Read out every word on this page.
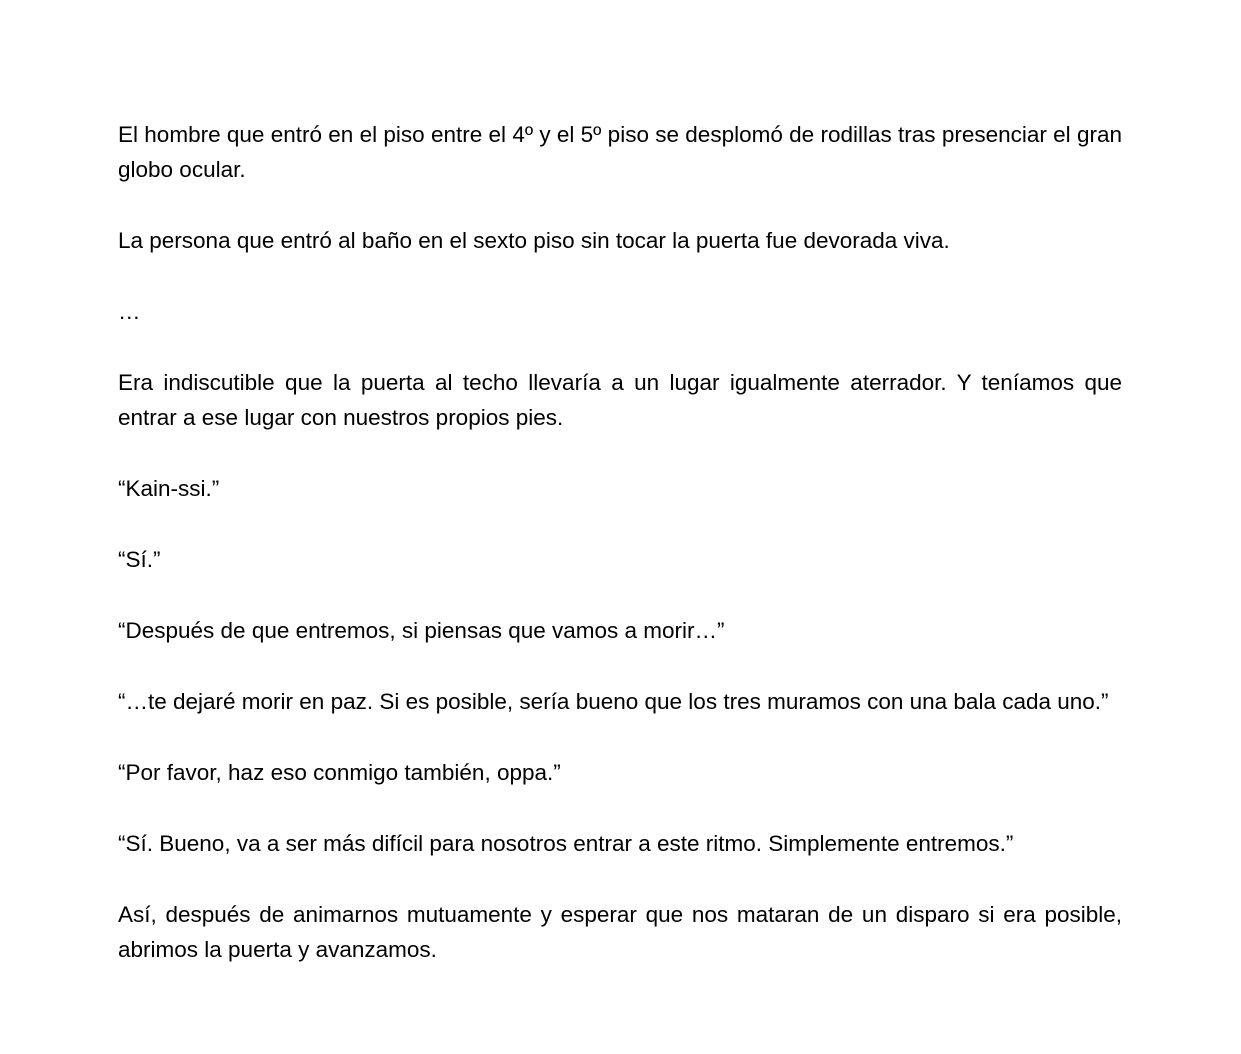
El hombre que entró en el piso entre el 4º y el 5º piso se desplomó de rodillas tras presenciar el gran globo ocular.

La persona que entró al baño en el sexto piso sin tocar la puerta fue devorada viva.

…

Era indiscutible que la puerta al techo llevaría a un lugar igualmente aterrador. Y teníamos que entrar a ese lugar con nuestros propios pies.

“Kain-ssi.”

“Sí.”

“Después de que entremos, si piensas que vamos a morir…”

“…te dejaré morir en paz. Si es posible, sería bueno que los tres muramos con una bala cada uno.”

“Por favor, haz eso conmigo también, oppa.”

“Sí. Bueno, va a ser más difícil para nosotros entrar a este ritmo. Simplemente entremos.”

Así, después de animarnos mutuamente y esperar que nos mataran de un disparo si era posible, abrimos la puerta y avanzamos.
